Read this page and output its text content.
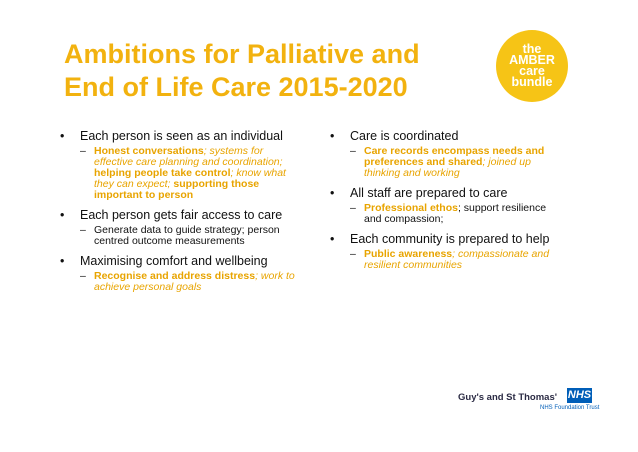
Ambitions for Palliative and
End of Life Care 2015-2020
the
AMBER
care
bundle

• Each person is seen as an individual

– Honest conversations; systems for effective care planning and coordination; helping people take control; know what they can expect; supporting those important to person

• Each person gets fair access to care

– Generate data to guide strategy; person centred outcome measurements

• Maximising comfort and wellbeing

– Recognise and address distress; work to achieve personal goals

• Care is coordinated

– Care records encompass needs and preferences and shared; joined up thinking and working

• All staff are prepared to care

– Professional ethos; support resilience and compassion;

• Each community is prepared to help

– Public awareness; compassionate and resilient communities

Guy's and St Thomas' NHS
NHS Foundation Trust
